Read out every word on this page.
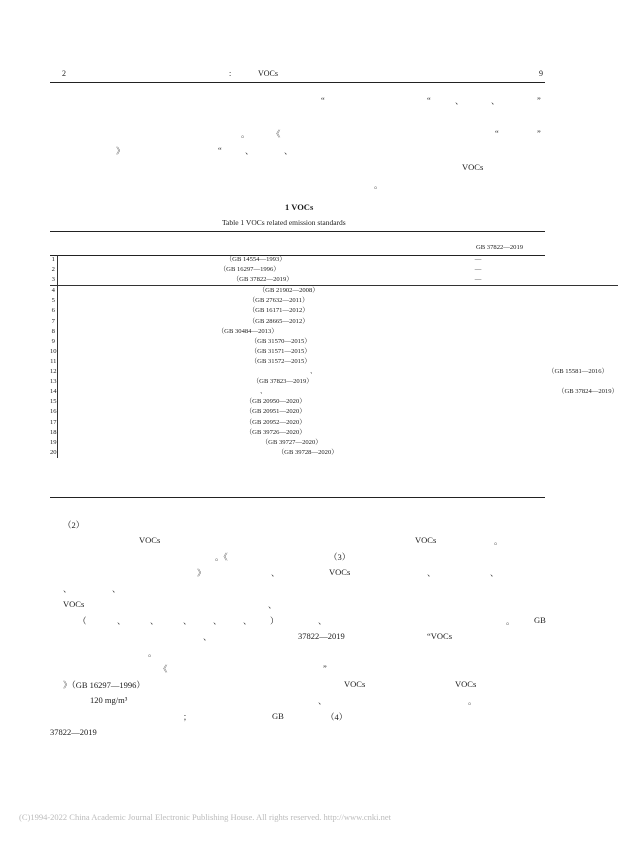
2	:	VOCs	9
“	“	、	、	”
。	《	“	”
》	“	、	、
VOCs
。
1 VOCs
Table 1 VOCs related emission standards
GB 37822—2019
1	（GB 14554—1993）	—	
2	（GB 16297—1996）	—	
3	（GB 37822—2019）	—	
4	（GB 21902—2008）		
5	（GB 27632—2011）		
6	（GB 16171—2012）		
7	（GB 28665—2012）		
8	（GB 30484—2013）		
9	（GB 31570—2015）		
10	（GB 31571—2015）		
11	（GB 31572—2015）		
12		、	（GB 15581—2016）	
13	（GB 37823—2019）		
14		、	（GB 37824—2019）	
15	（GB 20950—2020）		
16	（GB 20951—2020）		
17	（GB 20952—2020）		
18	（GB 39726—2020）		
19	（GB 39727—2020）		
20	（GB 39728—2020）		
（2）
VOCs	VOCs	。
。《	（3）
》	、	VOCs	、	、
、	、
VOCs	、
（	、	、	、	、	、 ）	、	。 GB
、	37822—2019	“VOCs
。
《	”
》（GB 16297—1996）	VOCs	VOCs
120 mg/m³	、	。
；	GB	（4）
37822—2019
(C)1994-2022 China Academic Journal Electronic Publishing House. All rights reserved. http://www.cnki.net
